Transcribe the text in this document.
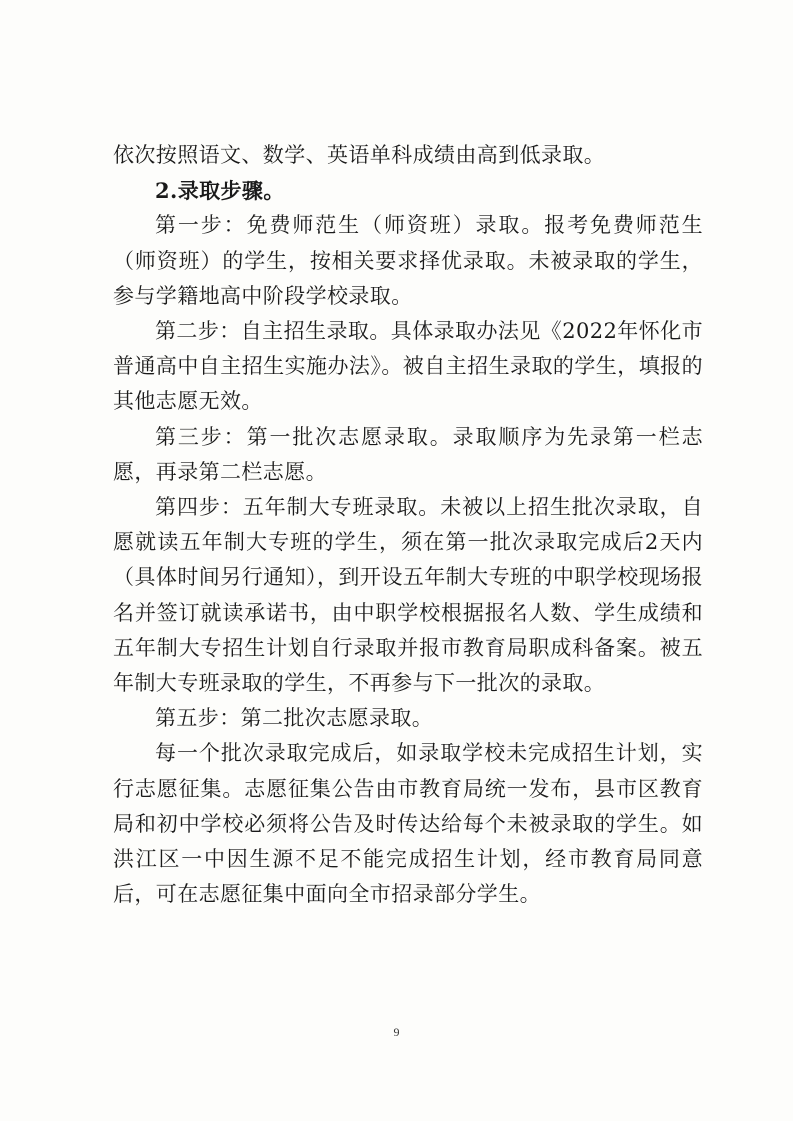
依次按照语文、数学、英语单科成绩由高到低录取。

2.录取步骤。

第一步：免费师范生（师资班）录取。报考免费师范生（师资班）的学生，按相关要求择优录取。未被录取的学生，参与学籍地高中阶段学校录取。

第二步：自主招生录取。具体录取办法见《2022年怀化市普通高中自主招生实施办法》。被自主招生录取的学生，填报的其他志愿无效。

第三步：第一批次志愿录取。录取顺序为先录第一栏志愿，再录第二栏志愿。

第四步：五年制大专班录取。未被以上招生批次录取，自愿就读五年制大专班的学生，须在第一批次录取完成后2天内（具体时间另行通知），到开设五年制大专班的中职学校现场报名并签订就读承诺书，由中职学校根据报名人数、学生成绩和五年制大专招生计划自行录取并报市教育局职成科备案。被五年制大专班录取的学生，不再参与下一批次的录取。

第五步：第二批次志愿录取。

每一个批次录取完成后，如录取学校未完成招生计划，实行志愿征集。志愿征集公告由市教育局统一发布，县市区教育局和初中学校必须将公告及时传达给每个未被录取的学生。如洪江区一中因生源不足不能完成招生计划，经市教育局同意后，可在志愿征集中面向全市招录部分学生。

9
